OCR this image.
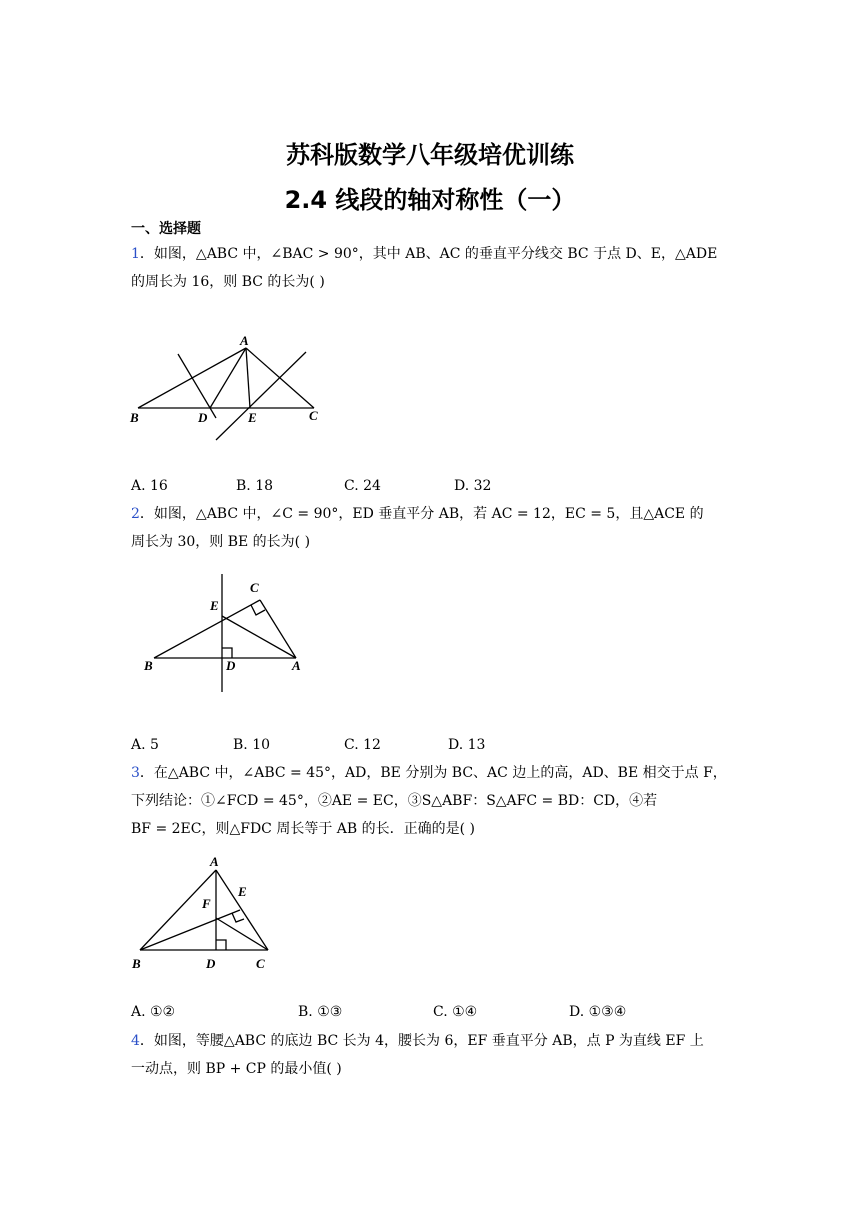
苏科版数学八年级培优训练
2.4 线段的轴对称性（一）
一、选择题
1．如图，△ABC 中，∠BAC > 90°，其中 AB、AC 的垂直平分线交 BC 于点 D、E，△ADE
的周长为 16，则 BC 的长为( )
A
B	D	E	C
A. 16	B. 18	C. 24	D. 32
2．如图，△ABC 中，∠C = 90°，ED 垂直平分 AB，若 AC = 12，EC = 5，且△ACE 的
周长为 30，则 BE 的长为( )
C
E
B	D	A
A. 5	B. 10	C. 12	D. 13
3．在△ABC 中，∠ABC = 45°，AD，BE 分别为 BC、AC 边上的高，AD、BE 相交于点 F，
下列结论：①∠FCD = 45°，②AE = EC，③S△ABF：S△AFC = BD：CD，④若
BF = 2EC，则△FDC 周长等于 AB 的长．正确的是( )
A
E
F
B	D	C
A. ①②	B. ①③	C. ①④	D. ①③④
4．如图，等腰△ABC 的底边 BC 长为 4，腰长为 6，EF 垂直平分 AB，点 P 为直线 EF 上
一动点，则 BP + CP 的最小值( )
